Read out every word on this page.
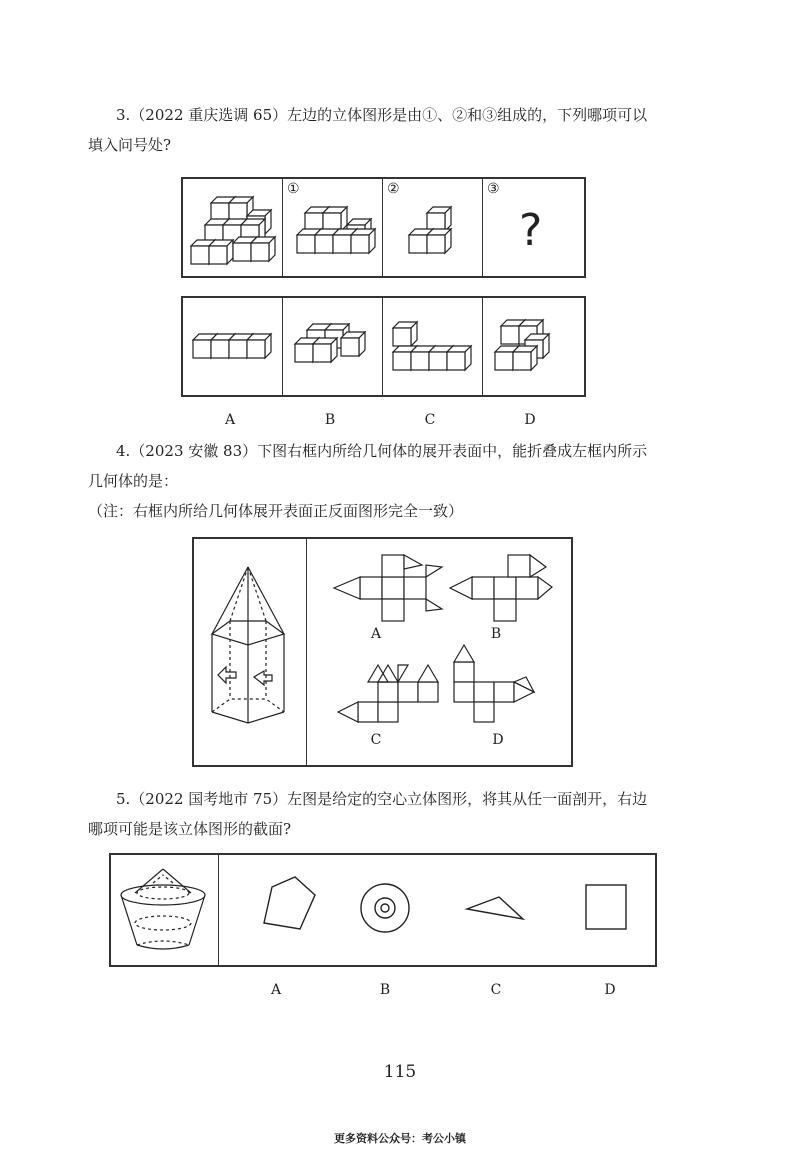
3.（2022 重庆选调 65）左边的立体图形是由①、②和③组成的，下列哪项可以

填入问号处?

①	②	③
?
A	B	C	D

4.（2023 安徽 83）下图右框内所给几何体的展开表面中，能折叠成左框内所示

几何体的是：

（注：右框内所给几何体展开表面正反面图形完全一致）

A	B
C	D

5.（2022 国考地市 75）左图是给定的空心立体图形，将其从任一面剖开，右边

哪项可能是该立体图形的截面?

A	B	C	D
115
更多资料公众号：考公小镇
